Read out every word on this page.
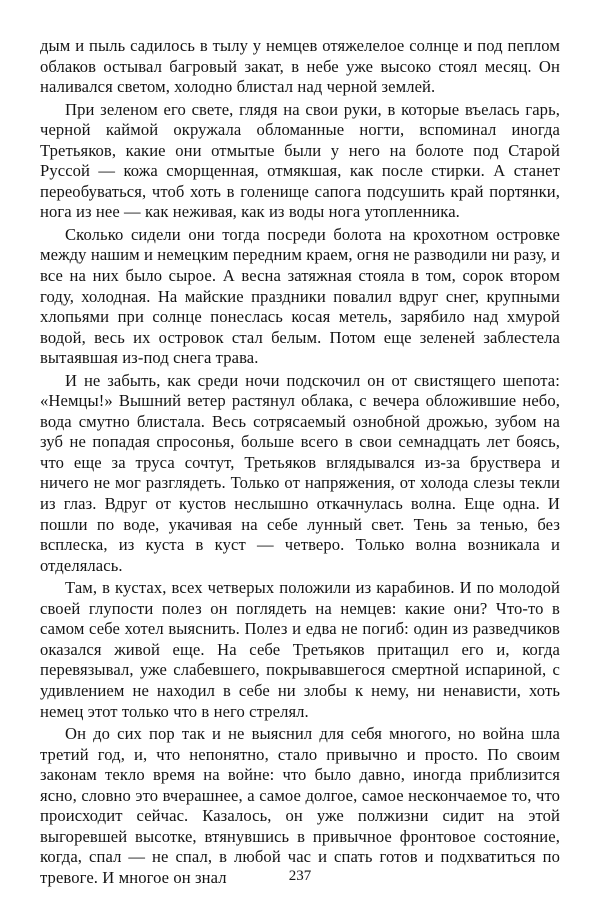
дым и пыль садилось в тылу у немцев отяжелелое солнце и под пеплом облаков остывал багровый закат, в небе уже высоко стоял месяц. Он наливался светом, холодно блистал над черной землей.

При зеленом его свете, глядя на свои руки, в которые въелась гарь, черной каймой окружала обломанные ногти, вспоминал иногда Третьяков, какие они отмытые были у него на болоте под Старой Руссой — кожа сморщенная, отмякшая, как после стирки. А станет переобуваться, чтоб хоть в голенище сапога подсушить край портянки, нога из нее — как неживая, как из воды нога утопленника.

Сколько сидели они тогда посреди болота на крохотном островке между нашим и немецким передним краем, огня не разводили ни разу, и все на них было сырое. А весна затяжная стояла в том, сорок втором году, холодная. На майские праздники повалил вдруг снег, крупными хлопьями при солнце понеслась косая метель, зарябило над хмурой водой, весь их островок стал белым. Потом еще зеленей заблестела вытаявшая из-под снега трава.

И не забыть, как среди ночи подскочил он от свистящего шепота: «Немцы!» Вышний ветер растянул облака, с вечера обложившие небо, вода смутно блистала. Весь сотрясаемый ознобной дрожью, зубом на зуб не попадая спросонья, больше всего в свои семнадцать лет боясь, что еще за труса сочтут, Третьяков вглядывался из-за бруствера и ничего не мог разглядеть. Только от напряжения, от холода слезы текли из глаз. Вдруг от кустов неслышно откачнулась волна. Еще одна. И пошли по воде, укачивая на себе лунный свет. Тень за тенью, без всплеска, из куста в куст — четверо. Только волна возникала и отделялась.

Там, в кустах, всех четверых положили из карабинов. И по молодой своей глупости полез он поглядеть на немцев: какие они? Что-то в самом себе хотел выяснить. Полез и едва не погиб: один из разведчиков оказался живой еще. На себе Третьяков притащил его и, когда перевязывал, уже слабевшего, покрывавшегося смертной испариной, с удивлением не находил в себе ни злобы к нему, ни ненависти, хоть немец этот только что в него стрелял.

Он до сих пор так и не выяснил для себя многого, но война шла третий год, и, что непонятно, стало привычно и просто. По своим законам текло время на войне: что было давно, иногда приблизится ясно, словно это вчерашнее, а самое долгое, самое нескончаемое то, что происходит сейчас. Казалось, он уже полжизни сидит на этой выгоревшей высотке, втянувшись в привычное фронтовое состояние, когда, спал — не спал, в любой час и спать готов и подхватиться по тревоге. И многое он знал	237
